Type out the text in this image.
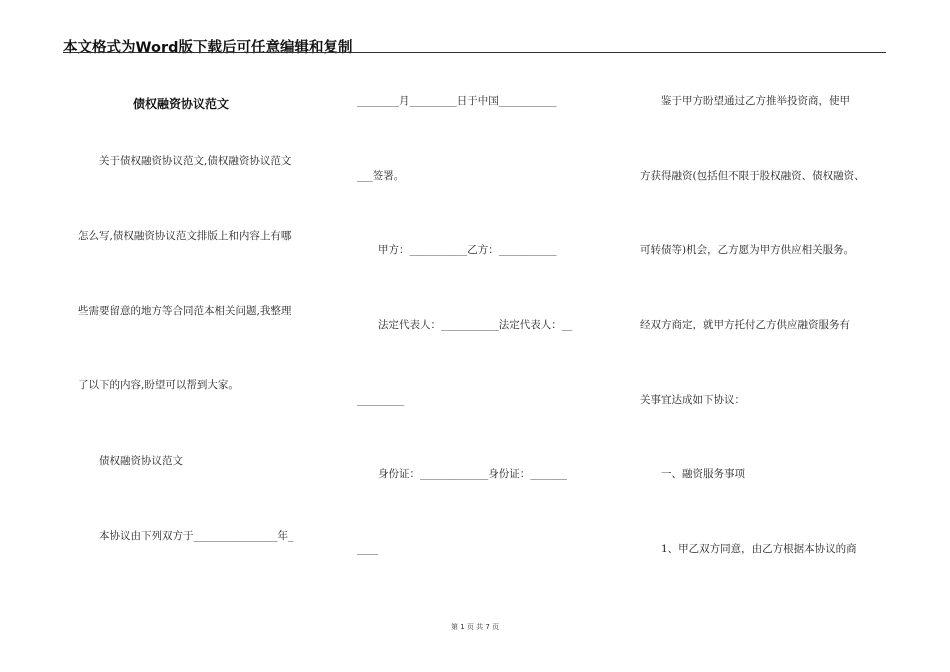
本文格式为Word版下载后可任意编辑和复制
债权融资协议范文
　　关于债权融资协议范文,债权融资协议范文
怎么写,债权融资协议范文排版上和内容上有哪
些需要留意的地方等合同范本相关问题,我整理
了以下的内容,盼望可以帮到大家。
　　债权融资协议范文
　　本协议由下列双方于________________年_
________月_________日于中国___________
___签署。
　　甲方：___________乙方：___________
　　法定代表人：___________法定代表人：__
_________
　　身份证：_____________身份证：_______
____
　　鉴于甲方盼望通过乙方推举投资商，使甲
方获得融资(包括但不限于股权融资、债权融资、
可转债等)机会，乙方愿为甲方供应相关服务。
经双方商定，就甲方托付乙方供应融资服务有
关事宜达成如下协议：
　　一、融资服务事项
　　1、甲乙双方同意，由乙方根据本协议的商
第 1 页 共 7 页
